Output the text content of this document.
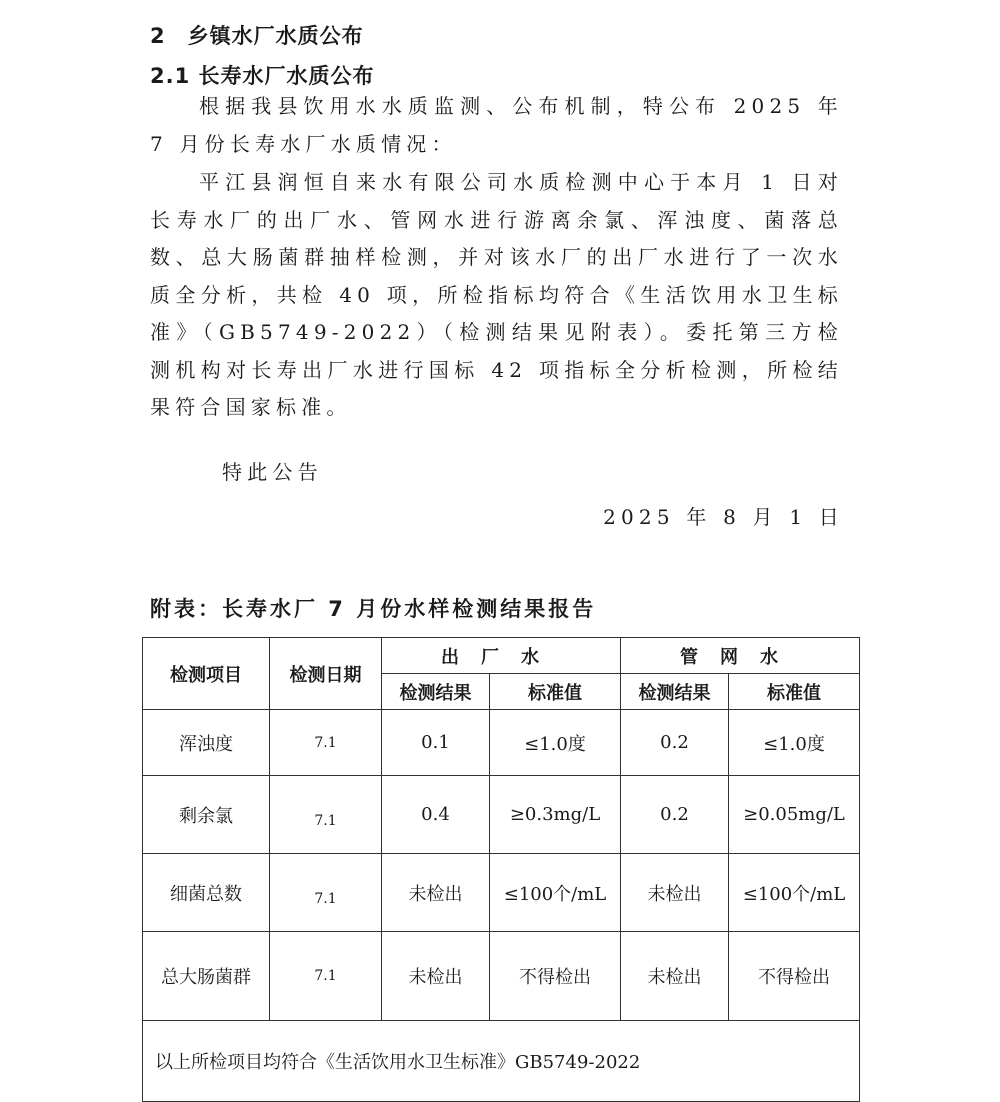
2　乡镇水厂水质公布
2.1 长寿水厂水质公布

根据我县饮用水水质监测、公布机制，特公布 2025 年 7 月份长寿水厂水质情况：

平江县润恒自来水有限公司水质检测中心于本月 1 日对长寿水厂的出厂水、管网水进行游离余氯、浑浊度、菌落总数、总大肠菌群抽样检测，并对该水厂的出厂水进行了一次水质全分析，共检 40 项，所检指标均符合《生活饮用水卫生标准》（GB5749-2022）（检测结果见附表）。委托第三方检测机构对长寿出厂水进行国标 42 项指标全分析检测，所检结果符合国家标准。

特此公告
2025 年 8 月 1 日
附表：长寿水厂 7 月份水样检测结果报告
检测项目	检测日期	出厂水		管网水	
		检测结果	标准值	检测结果	标准值
浑浊度	7.1	0.1	≤1.0度	0.2	≤1.0度
剩余氯	7.1	0.4	≥0.3mg/L	0.2	≥0.05mg/L
细菌总数	7.1	未检出	≤100个/mL	未检出	≤100个/mL
总大肠菌群	7.1	未检出	不得检出	未检出	不得检出
以上所检项目均符合《生活饮用水卫生标准》GB5749-2022					
